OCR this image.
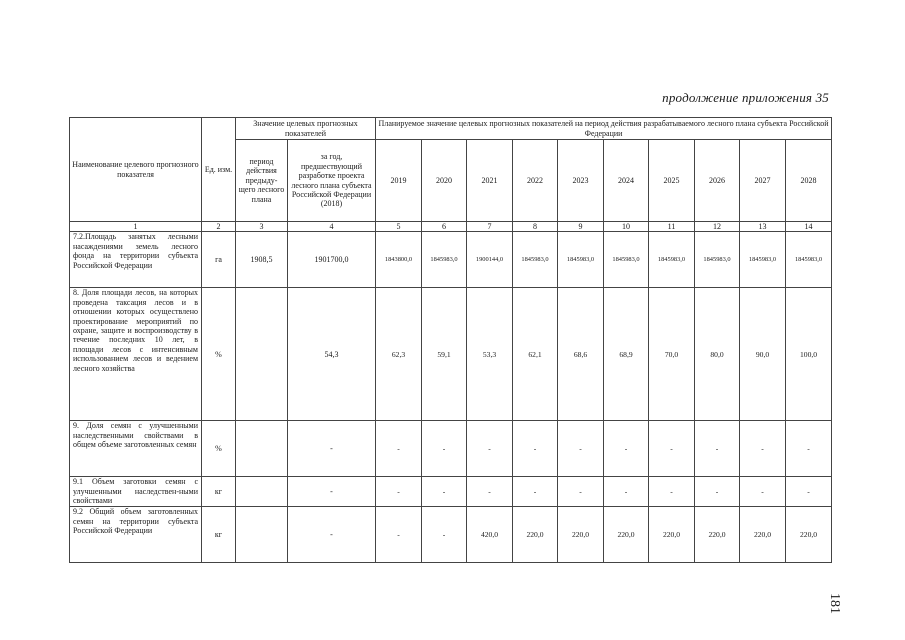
продолжение приложения 35
Наименование целевого прогнозного показателя	Ед. изм.	Значение целевых прогнозных показателей		Планируемое значение целевых прогнозных показателей на период действия разрабатываемого лесного плана субъекта Российской Федерации									
		период действия предыду-щего лесного плана	за год, предшествующий разработке проекта лесного плана субъекта Российской Федерации (2018)	2019	2020	2021	2022	2023	2024	2025	2026	2027	2028
1	2	3	4	5	6	7	8	9	10	11	12	13	14
7.2.Площадь занятых лесными насаждениями земель лесного фонда на территории субъекта Российской Федерации	га	1908,5	1901700,0	1843800,0	1845983,0	1900144,0	1845983,0	1845983,0	1845983,0	1845983,0	1845983,0	1845983,0	1845983,0
8. Доля площади лесов, на которых проведена таксация лесов и в отношении которых осуществлено проектирование мероприятий по охране, защите и воспроизводству в течение последних 10 лет, в площади лесов с интенсивным использованием лесов и ведением лесного хозяйства	%		54,3	62,3	59,1	53,3	62,1	68,6	68,9	70,0	80,0	90,0	100,0
9. Доля семян с улучшенными наследственными свойствами в общем объеме заготовленных семян	%		-	-	-	-	-	-	-	-	-	-	-
9.1 Объем заготовки семян с улучшенными наследствен-ными свойствами	кг		-	-	-	-	-	-	-	-	-	-	-
9.2 Общий объем заготовленных семян на территории субъекта Российской Федерации	кг		-	-	-	420,0	220,0	220,0	220,0	220,0	220,0	220,0	220,0
181
